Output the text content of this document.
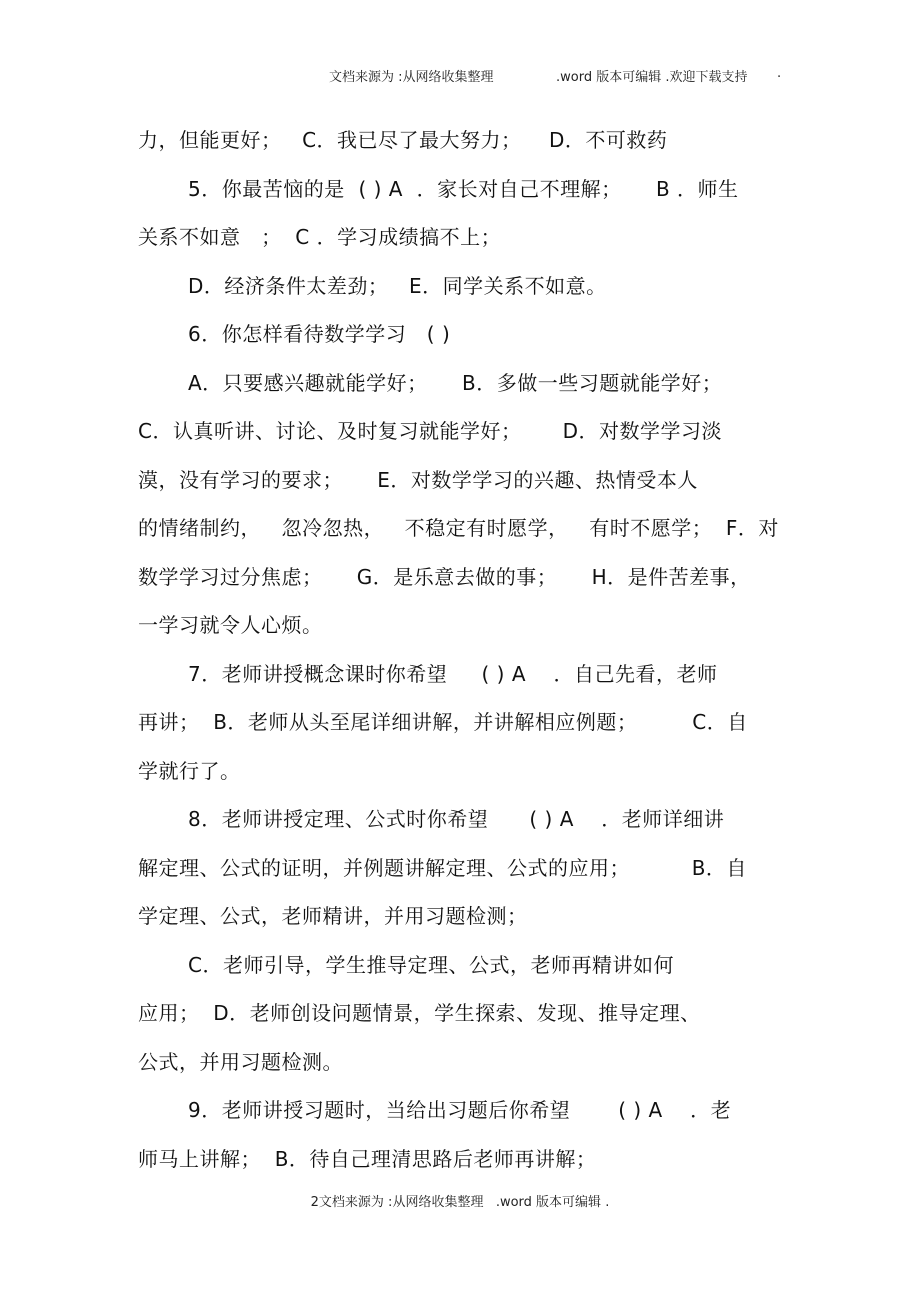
文档来源为 :从网络收集整理	.word 版本可编辑 .欢迎下载支持 .

力，但能更好；   C．我已尽了最大努力；    D．不可救药

5．你最苦恼的是  ( ) A  ．家长对自己不理解；     B ．师生

关系不如意   ；  C ．学习成绩搞不上；

D．经济条件太差劲；   E．同学关系不如意。

6．你怎样看待数学学习   ( )

A．只要感兴趣就能学好；     B．多做一些习题就能学好；

C．认真听讲、讨论、及时复习就能学好；      D．对数学学习淡

漠，没有学习的要求；     E．对数学学习的兴趣、热情受本人

的情绪制约，   忽冷忽热，   不稳定有时愿学，   有时不愿学；  F．对

数学学习过分焦虑；     G．是乐意去做的事；     H．是件苦差事，

一学习就令人心烦。

7．老师讲授概念课时你希望     ( ) A    ．自己先看，老师

再讲；  B．老师从头至尾详细讲解，并讲解相应例题；        C．自

学就行了。

8．老师讲授定理、公式时你希望      ( ) A    ．老师详细讲

解定理、公式的证明，并例题讲解定理、公式的应用；         B．自

学定理、公式，老师精讲，并用习题检测；

C．老师引导，学生推导定理、公式，老师再精讲如何

应用；  D．老师创设问题情景，学生探索、发现、推导定理、

公式，并用习题检测。

9．老师讲授习题时，当给出习题后你希望       ( ) A    ．老

师马上讲解；  B．待自己理清思路后老师再讲解；

2文档来源为 :从网络收集整理   .word 版本可编辑 .
